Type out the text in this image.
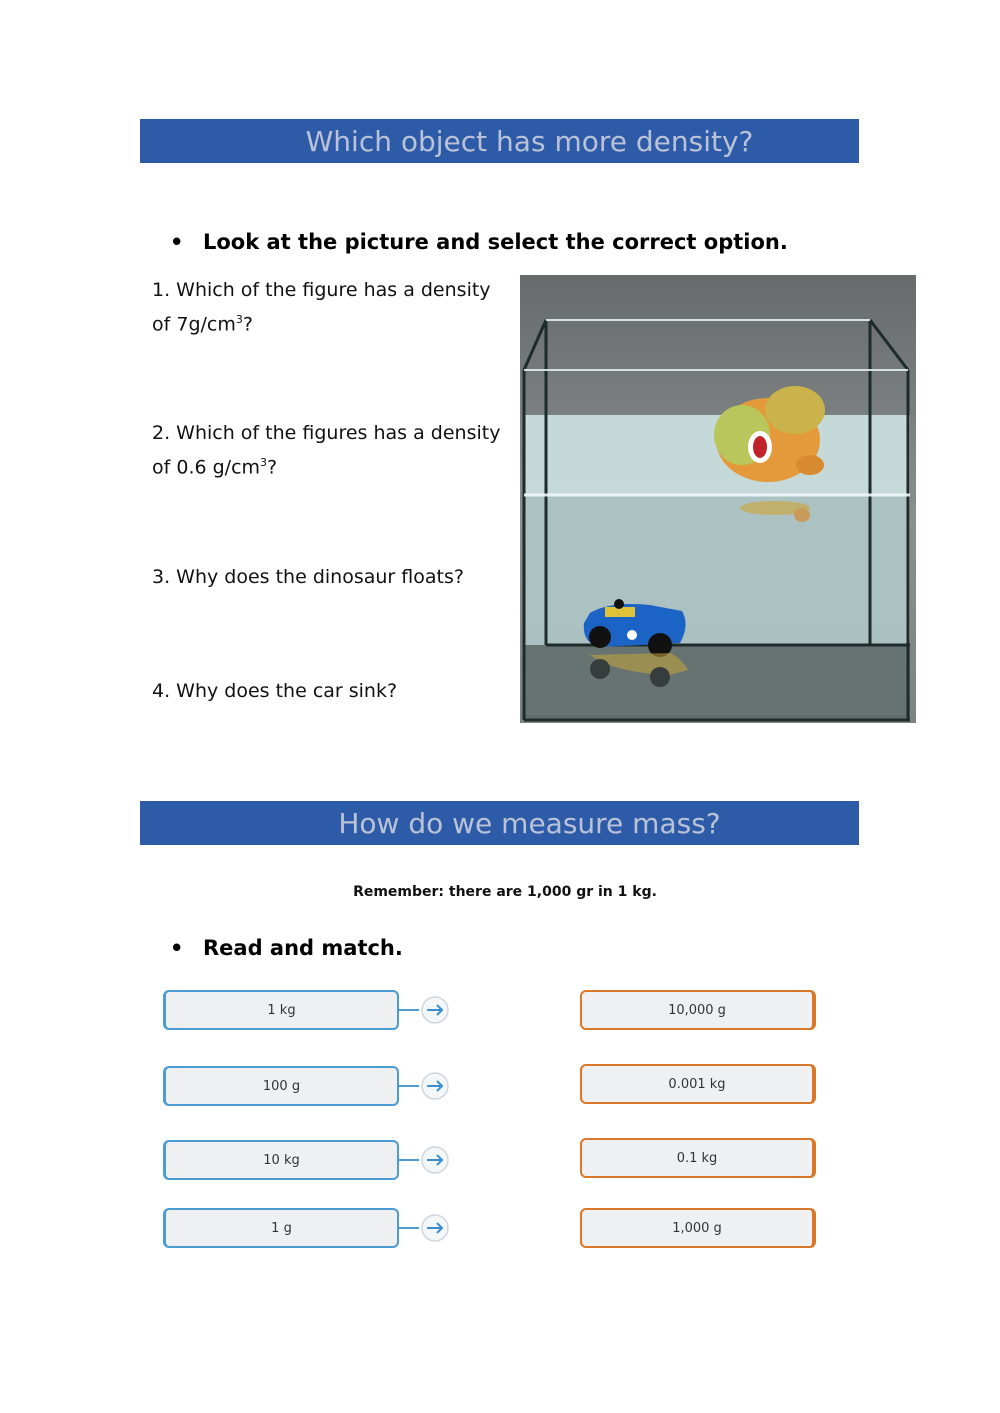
Which object has more density?
• Look at the picture and select the correct option.
1. Which of the figure has a density
of $7g/cm^3$?
2. Which of the figures has a density
of 0.6 $g/cm^3$?
3. Why does the dinosaur floats?
4. Why does the car sink?
How do we measure mass?
Remember: there are 1,000 gr in 1 kg.
• Read and match.
1 kg
100 g
10 kg
1 g
10,000 g
0.001 kg
0.1 kg
1,000 g
